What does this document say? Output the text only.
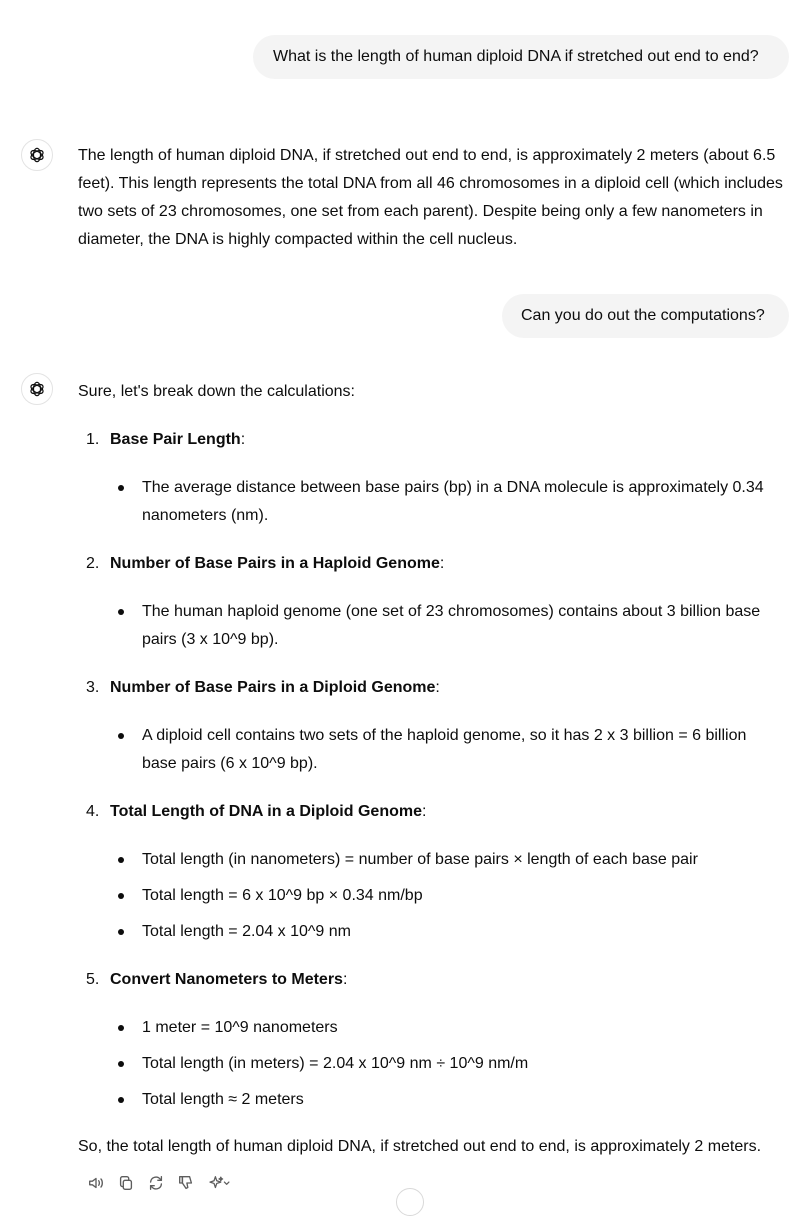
What is the length of human diploid DNA if stretched out end to end?
The length of human diploid DNA, if stretched out end to end, is approximately 2 meters (about 6.5 feet). This length represents the total DNA from all 46 chromosomes in a diploid cell (which includes two sets of 23 chromosomes, one set from each parent). Despite being only a few nanometers in diameter, the DNA is highly compacted within the cell nucleus.
Can you do out the computations?
Sure, let's break down the calculations:
1. Base Pair Length:
The average distance between base pairs (bp) in a DNA molecule is approximately 0.34 nanometers (nm).
2. Number of Base Pairs in a Haploid Genome:
The human haploid genome (one set of 23 chromosomes) contains about 3 billion base pairs (3 x 10^9 bp).
3. Number of Base Pairs in a Diploid Genome:
A diploid cell contains two sets of the haploid genome, so it has 2 x 3 billion = 6 billion base pairs (6 x 10^9 bp).
4. Total Length of DNA in a Diploid Genome:
Total length (in nanometers) = number of base pairs × length of each base pair
Total length = 6 x 10^9 bp × 0.34 nm/bp
Total length = 2.04 x 10^9 nm
5. Convert Nanometers to Meters:
1 meter = 10^9 nanometers
Total length (in meters) = 2.04 x 10^9 nm ÷ 10^9 nm/m
Total length ≈ 2 meters
So, the total length of human diploid DNA, if stretched out end to end, is approximately 2 meters.
